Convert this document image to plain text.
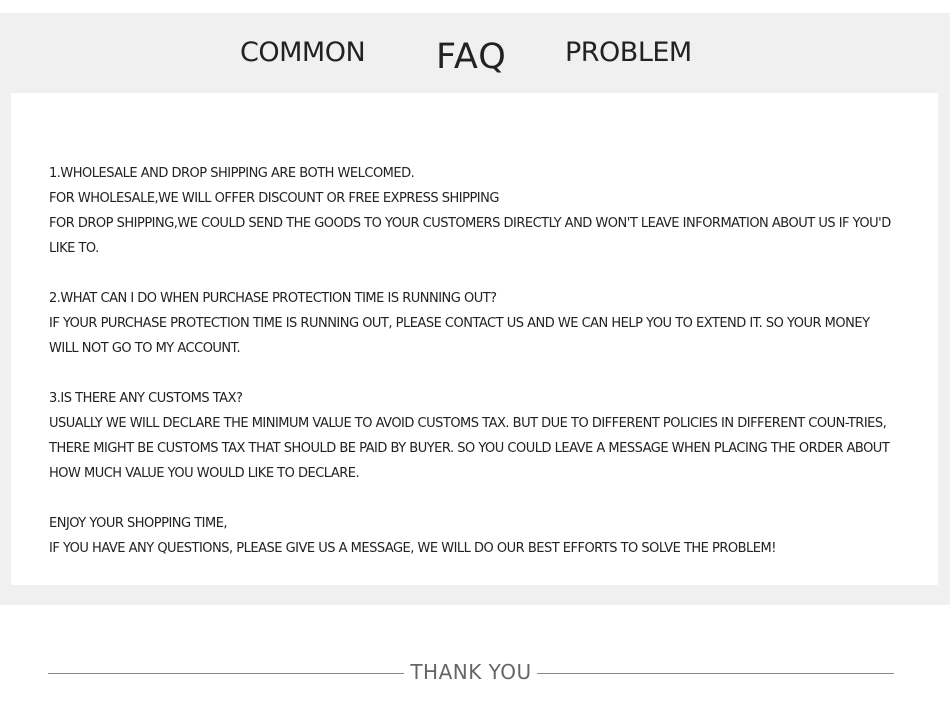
COMMON FAQ PROBLEM

1.WHOLESALE AND DROP SHIPPING ARE BOTH WELCOMED.

FOR WHOLESALE,WE WILL OFFER DISCOUNT OR FREE EXPRESS SHIPPING

FOR DROP SHIPPING,WE COULD SEND THE GOODS TO YOUR CUSTOMERS DIRECTLY AND WON'T LEAVE INFORMATION ABOUT US IF YOU'D LIKE TO.

2.WHAT CAN I DO WHEN PURCHASE PROTECTION TIME IS RUNNING OUT?

IF YOUR PURCHASE PROTECTION TIME IS RUNNING OUT, PLEASE CONTACT US AND WE CAN HELP YOU TO EXTEND IT. SO YOUR MONEY WILL NOT GO TO MY ACCOUNT.

3.IS THERE ANY CUSTOMS TAX?

USUALLY WE WILL DECLARE THE MINIMUM VALUE TO AVOID CUSTOMS TAX. BUT DUE TO DIFFERENT POLICIES IN DIFFERENT COUN-TRIES, THERE MIGHT BE CUSTOMS TAX THAT SHOULD BE PAID BY BUYER. SO YOU COULD LEAVE A MESSAGE WHEN PLACING THE ORDER ABOUT HOW MUCH VALUE YOU WOULD LIKE TO DECLARE.

ENJOY YOUR SHOPPING TIME,

IF YOU HAVE ANY QUESTIONS, PLEASE GIVE US A MESSAGE, WE WILL DO OUR BEST EFFORTS TO SOLVE THE PROBLEM!

THANK YOU
